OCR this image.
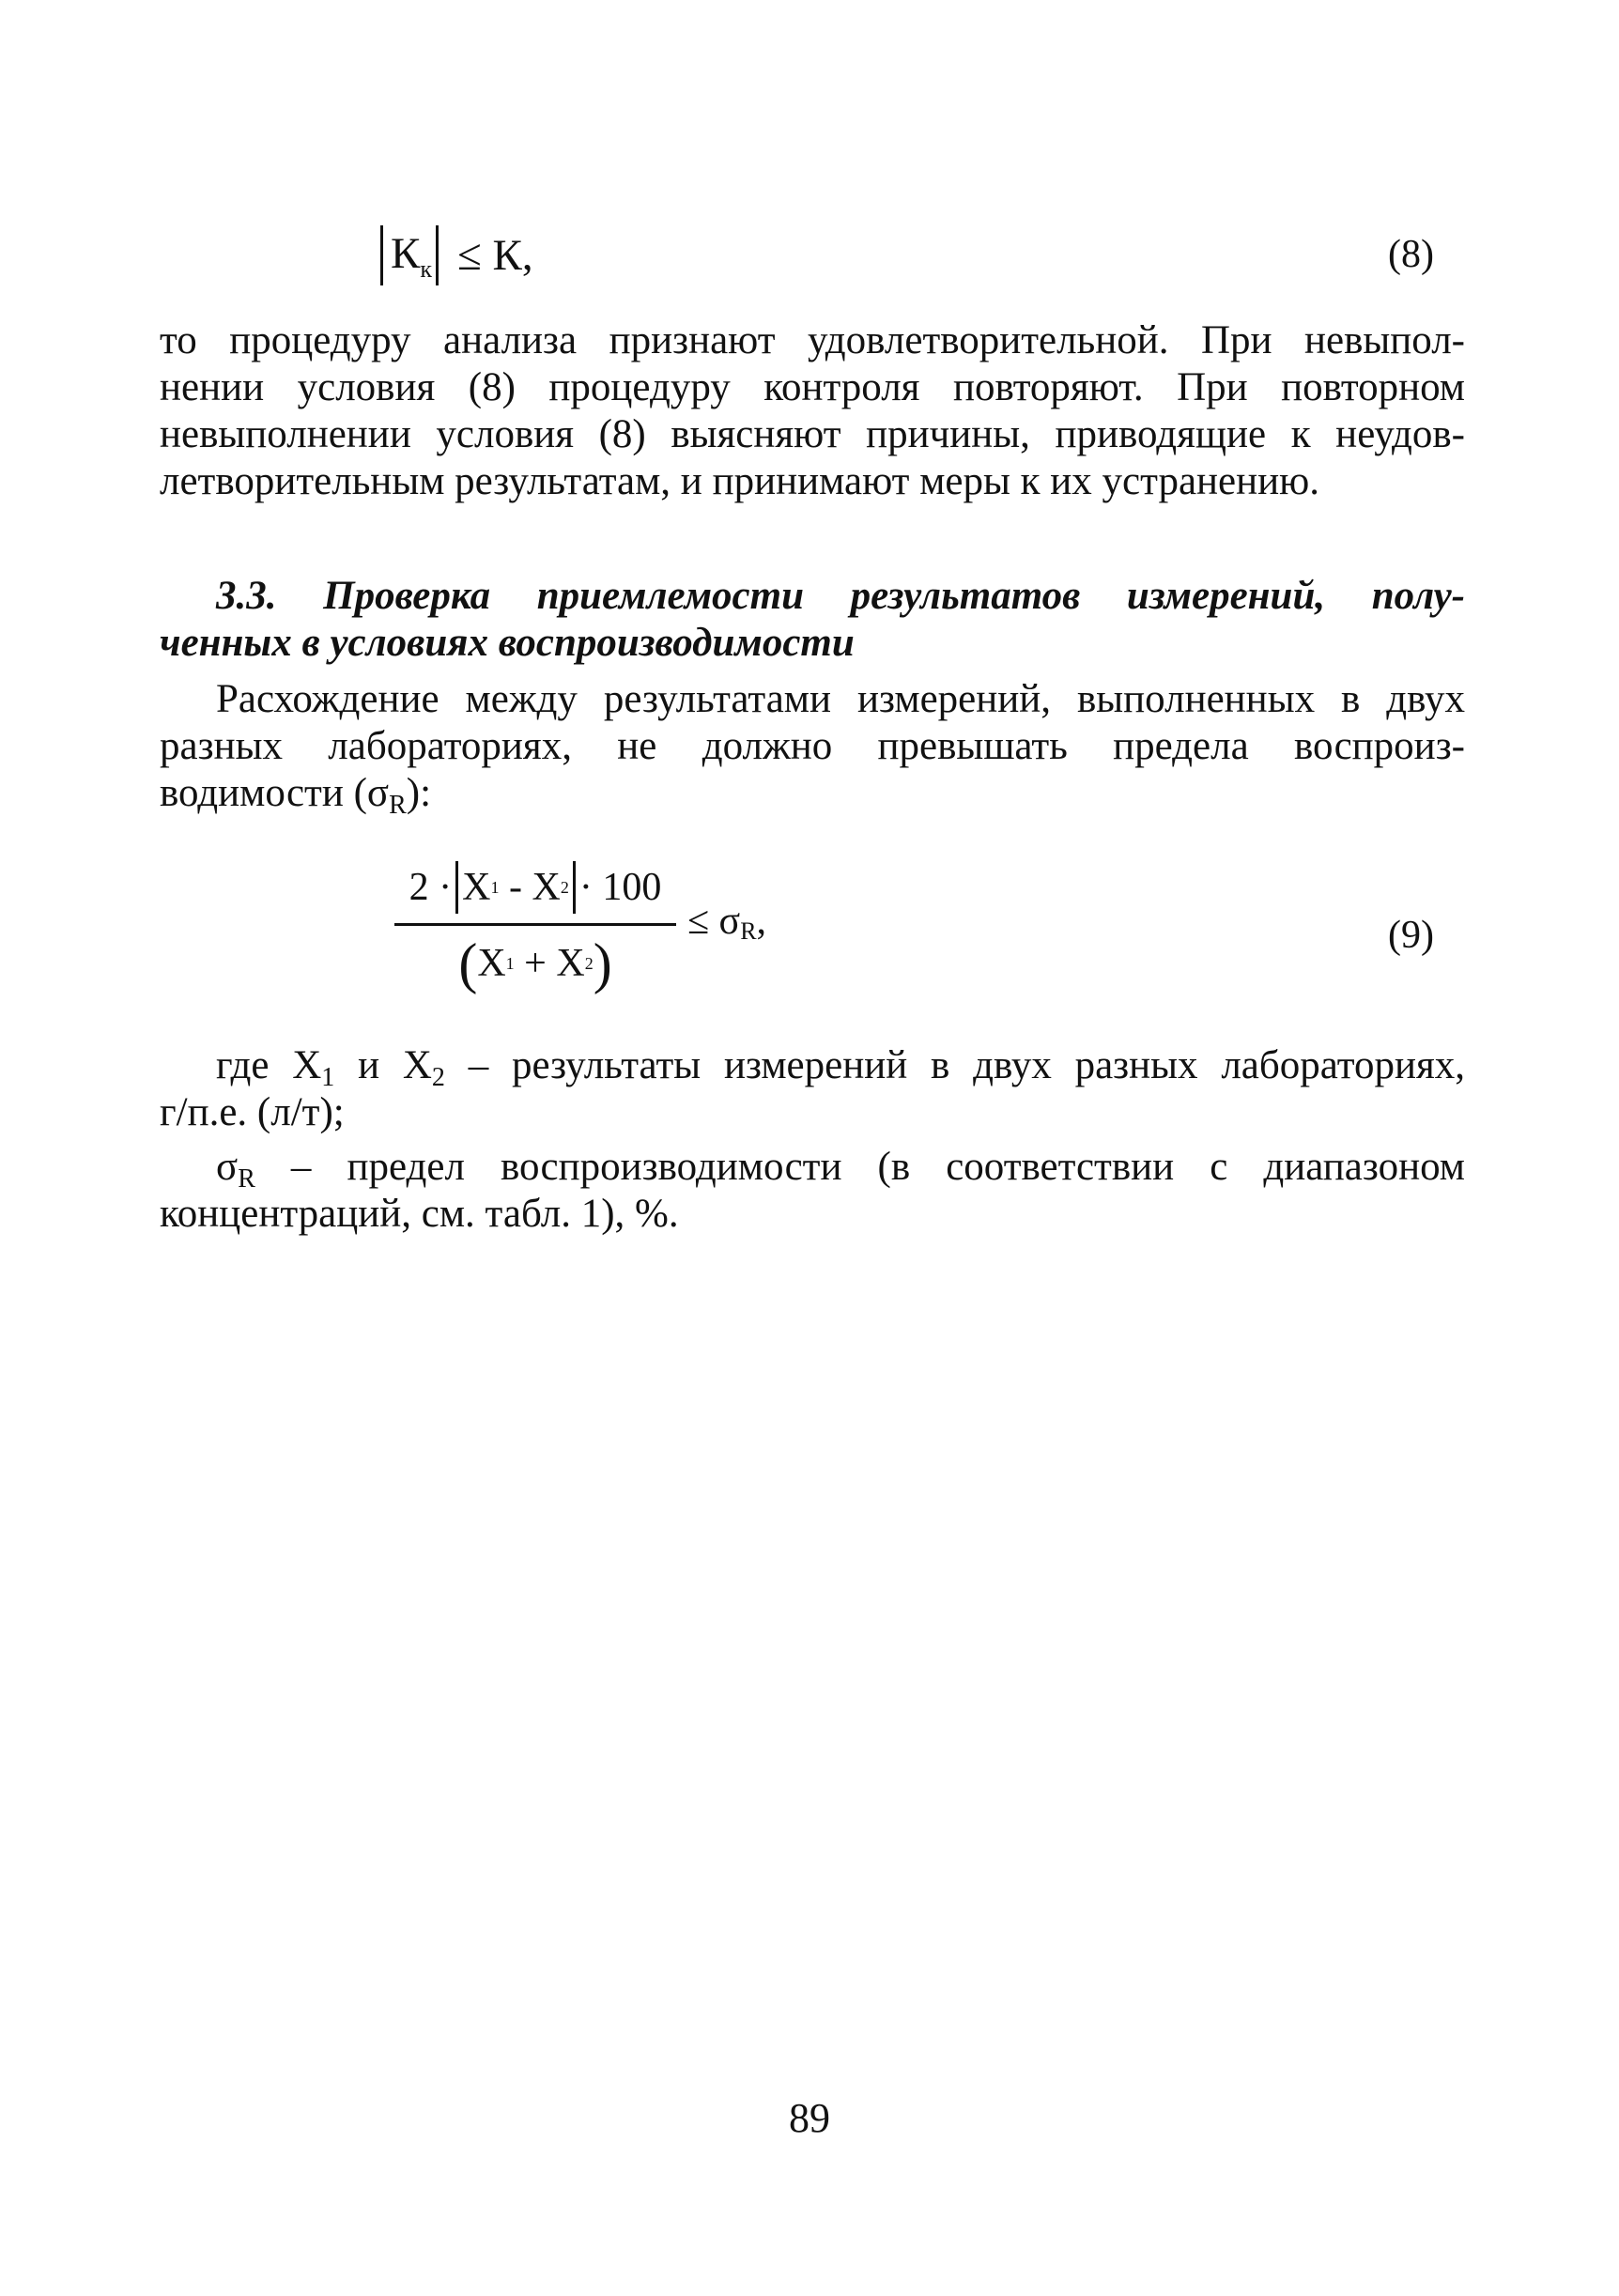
$К_к \le К$,	(8)
то процедуру анализа признают удовлетворительной. При невыпол-
нении условия (8) процедуру контроля повторяют. При повторном
невыполнении условия (8) выясняют причины, приводящие к неудов-
летворительным результатам, и принимают меры к их устранению.
3.3. Проверка приемлемости результатов измерений, полу-
ченных в условиях воспроизводимости
Расхождение между результатами измерений, выполненных в двух
разных лабораториях, не должно превышать предела воспроиз-
водимости $(\sigma_R)$:
2 · X 1 - X 2 · 100
( X 1 + X 2 )
≤ σR,	(9)
где $X_1$ и $X_2$ – результаты измерений в двух разных лабораториях,
г/п.е. (л/т);
$\sigma_R$ – предел воспроизводимости (в соответствии с диапазоном
концентраций, см. табл. 1), %.
89
